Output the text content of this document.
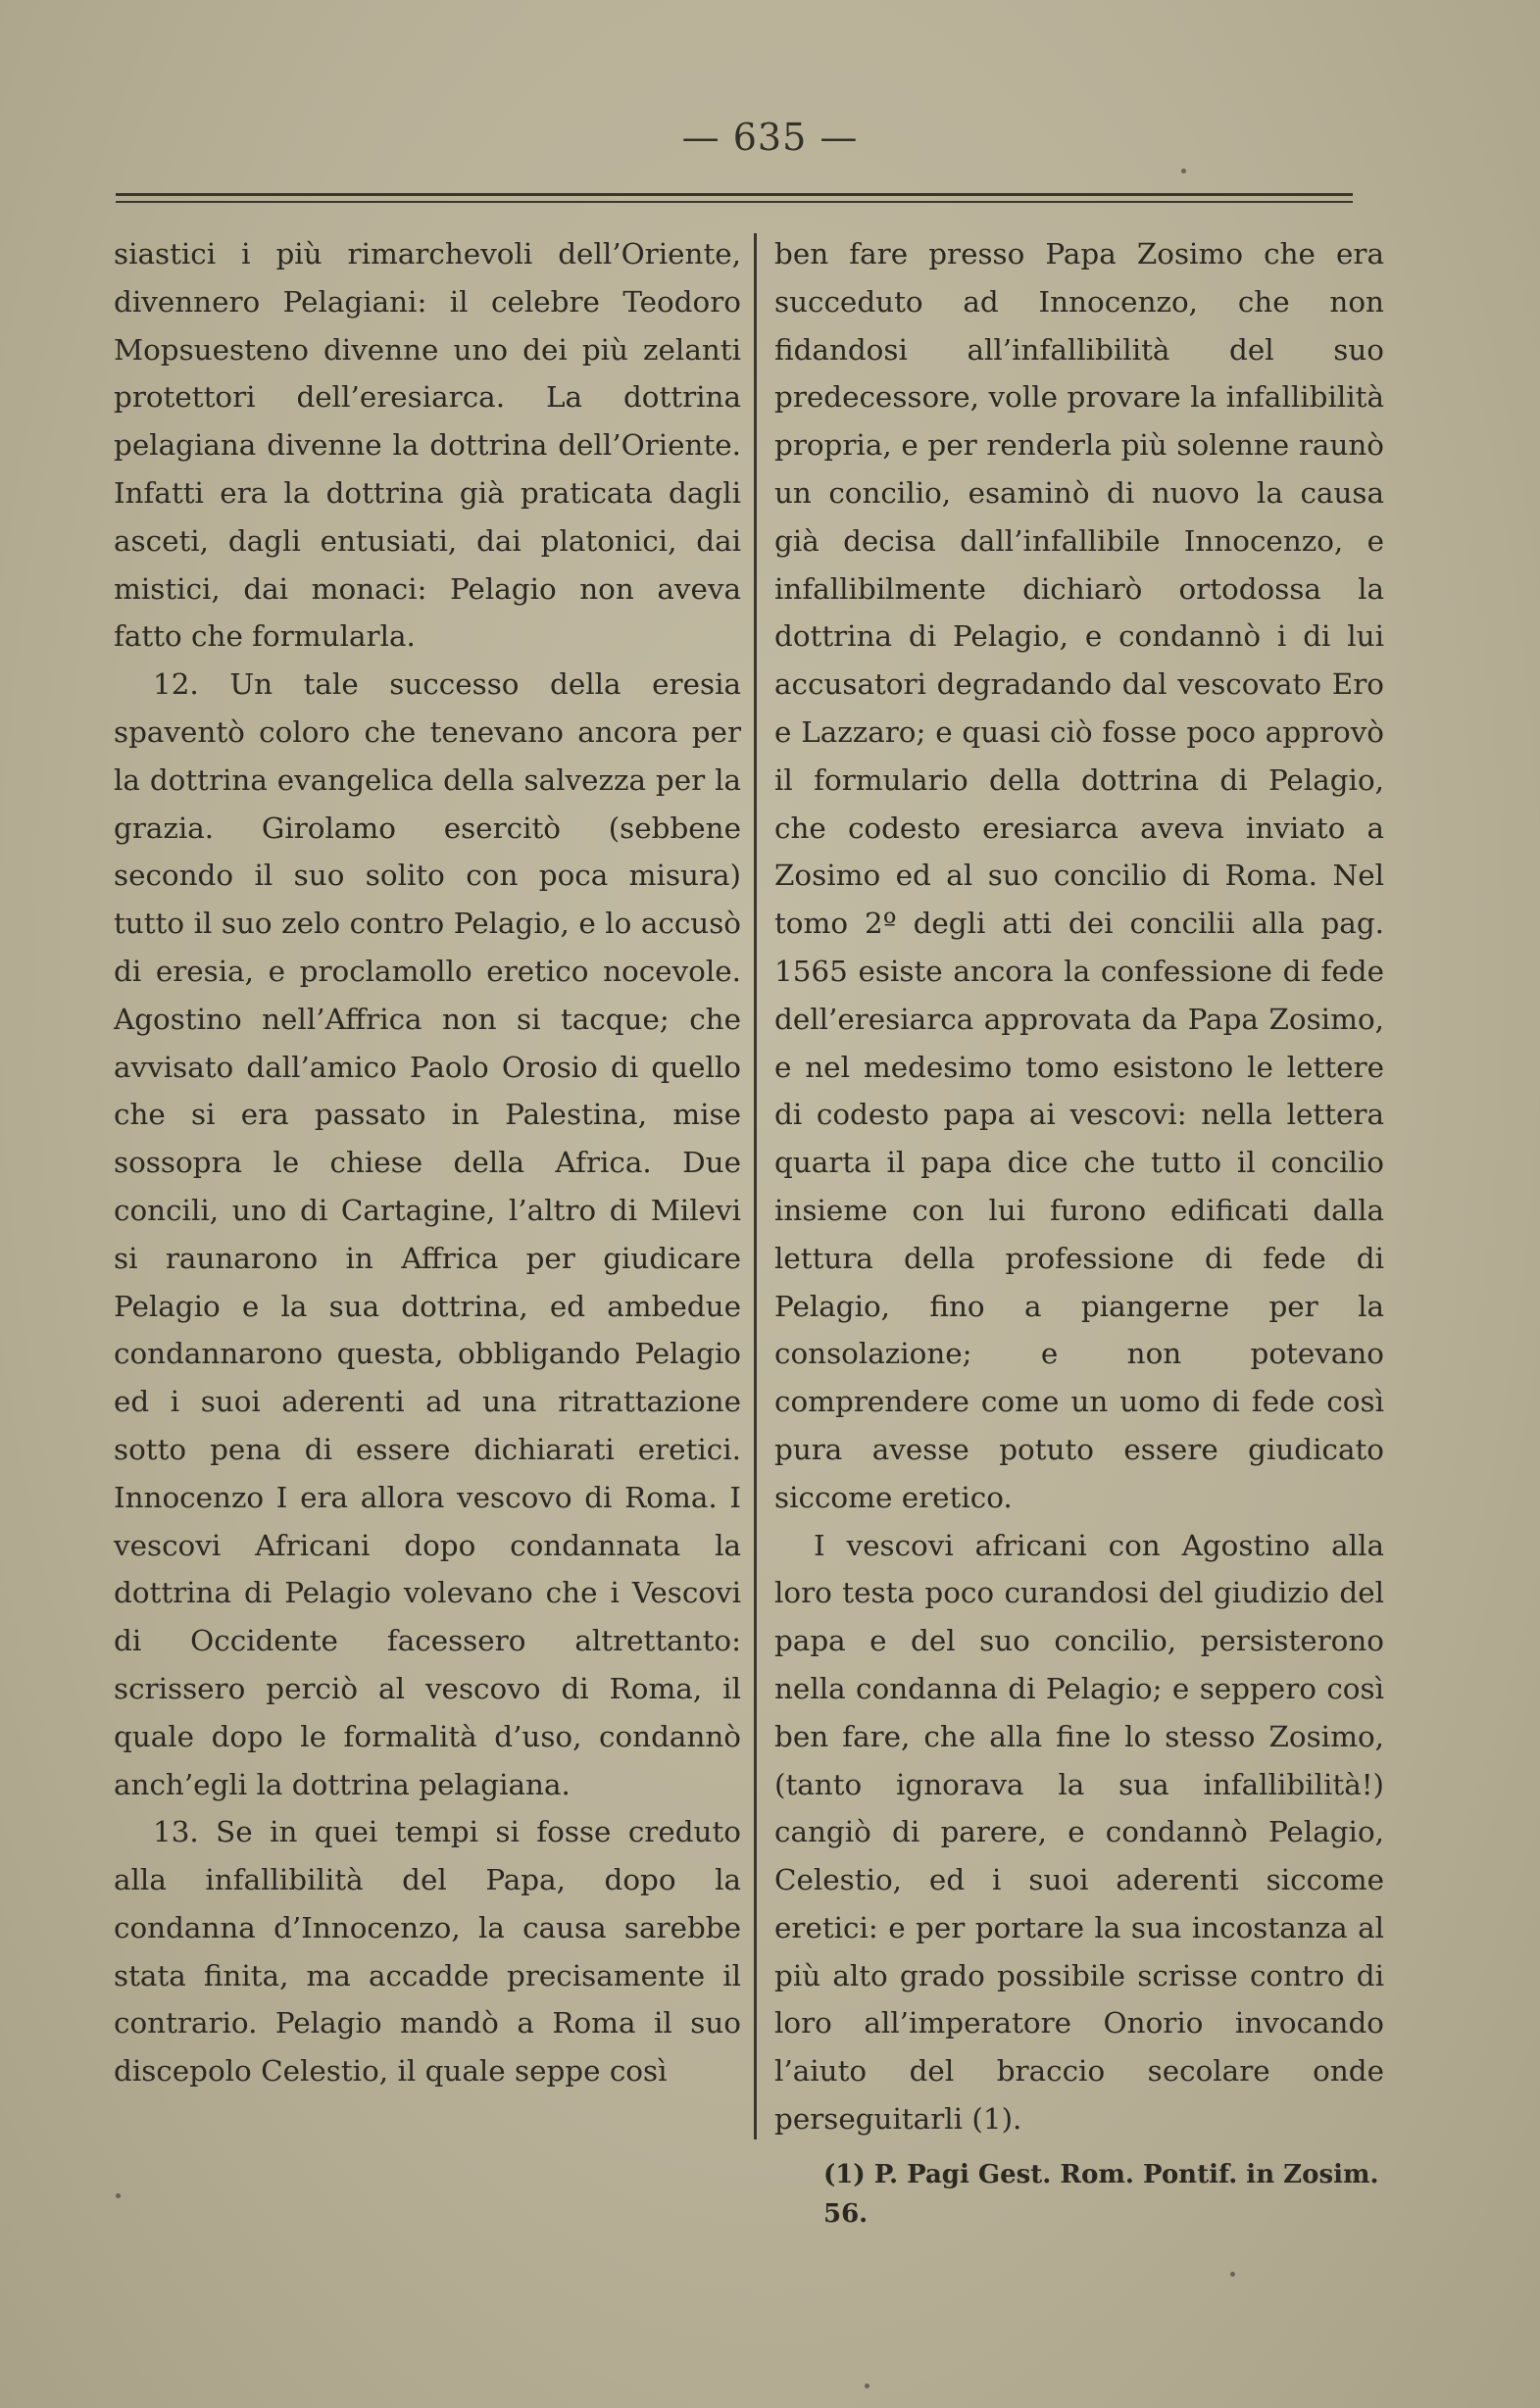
— 635 —

siastici i più rimarchevoli dell’Oriente, divennero Pelagiani: il celebre Teodoro Mopsuesteno divenne uno dei più zelanti protettori dell’eresiarca. La dottrina pelagiana divenne la dottrina dell’Oriente. Infatti era la dottrina già praticata dagli asceti, dagli entusiati, dai platonici, dai mistici, dai monaci: Pelagio non aveva fatto che formularla.

12. Un tale successo della eresia spaventò coloro che tenevano ancora per la dottrina evangelica della salvezza per la grazia. Girolamo esercitò (sebbene secondo il suo solito con poca misura) tutto il suo zelo contro Pelagio, e lo accusò di eresia, e proclamollo eretico nocevole. Agostino nell’Affrica non si tacque; che avvisato dall’amico Paolo Orosio di quello che si era passato in Palestina, mise sossopra le chiese della Africa. Due concili, uno di Cartagine, l’altro di Milevi si raunarono in Affrica per giudicare Pelagio e la sua dottrina, ed ambedue condannarono questa, obbligando Pelagio ed i suoi aderenti ad una ritrattazione sotto pena di essere dichiarati eretici. Innocenzo I era allora vescovo di Roma. I vescovi Africani dopo condannata la dottrina di Pelagio volevano che i Vescovi di Occidente facessero altrettanto: scrissero perciò al vescovo di Roma, il quale dopo le formalità d’uso, condannò anch’egli la dottrina pelagiana.

13. Se in quei tempi si fosse creduto alla infallibilità del Papa, dopo la condanna d’Innocenzo, la causa sarebbe stata finita, ma accadde precisamente il contrario. Pelagio mandò a Roma il suo discepolo Celestio, il quale seppe così

ben fare presso Papa Zosimo che era succeduto ad Innocenzo, che non fidandosi all’infallibilità del suo predecessore, volle provare la infallibilità propria, e per renderla più solenne raunò un concilio, esaminò di nuovo la causa già decisa dall’infallibile Innocenzo, e infallibilmente dichiarò ortodossa la dottrina di Pelagio, e condannò i di lui accusatori degradando dal vescovato Ero e Lazzaro; e quasi ciò fosse poco approvò il formulario della dottrina di Pelagio, che codesto eresiarca aveva inviato a Zosimo ed al suo concilio di Roma. Nel tomo 2º degli atti dei concilii alla pag. 1565 esiste ancora la confessione di fede dell’eresiarca approvata da Papa Zosimo, e nel medesimo tomo esistono le lettere di codesto papa ai vescovi: nella lettera quarta il papa dice che tutto il concilio insieme con lui furono edificati dalla lettura della professione di fede di Pelagio, fino a piangerne per la consolazione; e non potevano comprendere come un uomo di fede così pura avesse potuto essere giudicato siccome eretico.

I vescovi africani con Agostino alla loro testa poco curandosi del giudizio del papa e del suo concilio, persisterono nella condanna di Pelagio; e seppero così ben fare, che alla fine lo stesso Zosimo, (tanto ignorava la sua infallibilità!) cangiò di parere, e condannò Pelagio, Celestio, ed i suoi aderenti siccome eretici: e per portare la sua incostanza al più alto grado possibile scrisse contro di loro all’imperatore Onorio invocando l’aiuto del braccio secolare onde perseguitarli (1).

(1) P. Pagi Gest. Rom. Pontif. in Zosim. 56.
